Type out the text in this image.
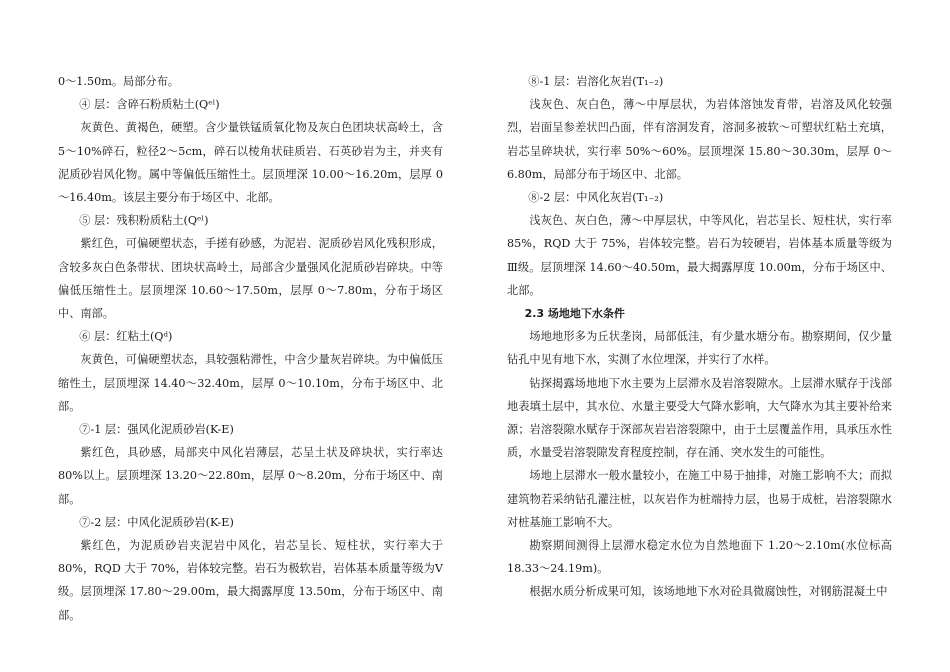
0～1.50m。局部分布。

④ 层：含碎石粉质粘土(Qᵉˡ)

灰黄色、黄褐色，硬塑。含少量铁锰质氧化物及灰白色团块状高岭土，含5～10%碎石，粒径2～5cm，碎石以棱角状硅质岩、石英砂岩为主，并夹有泥质砂岩风化物。属中等偏低压缩性土。层顶埋深 10.00～16.20m，层厚 0～16.40m。该层主要分布于场区中、北部。

⑤ 层：残积粉质粘土(Qᵉˡ)

紫红色，可偏硬塑状态，手搓有砂感，为泥岩、泥质砂岩风化残积形成，含较多灰白色条带状、团块状高岭土，局部含少量强风化泥质砂岩碎块。中等偏低压缩性土。层顶埋深 10.60～17.50m，层厚 0～7.80m，分布于场区中、南部。

⑥ 层：红粘土(Qᵈ)

灰黄色，可偏硬塑状态，具较强粘滞性，中含少量灰岩碎块。为中偏低压缩性土，层顶埋深 14.40～32.40m，层厚 0～10.10m，分布于场区中、北部。

⑦-1 层：强风化泥质砂岩(K-E)

紫红色，具砂感，局部夹中风化岩薄层，芯呈土状及碎块状，实行率达80%以上。层顶埋深 13.20～22.80m，层厚 0～8.20m，分布于场区中、南部。

⑦-2 层：中风化泥质砂岩(K-E)

紫红色，为泥质砂岩夹泥岩中风化，岩芯呈长、短柱状，实行率大于80%，RQD 大于 70%，岩体较完整。岩石为极软岩，岩体基本质量等级为Ⅴ级。层顶埋深 17.80～29.00m，最大揭露厚度 13.50m，分布于场区中、南部。

⑧-1 层：岩溶化灰岩(T₁₋₂)

浅灰色、灰白色，薄～中厚层状，为岩体溶蚀发育带，岩溶及风化较强烈，岩面呈参差状凹凸面，伴有溶洞发育，溶洞多被软～可塑状红粘土充填，岩芯呈碎块状，实行率 50%～60%。层顶埋深 15.80～30.30m，层厚 0～6.80m，局部分布于场区中、北部。

⑧-2 层：中风化灰岩(T₁₋₂)

浅灰色、灰白色，薄～中厚层状，中等风化，岩芯呈长、短柱状，实行率85%，RQD 大于 75%，岩体较完整。岩石为较硬岩，岩体基本质量等级为Ⅲ级。层顶埋深 14.60～40.50m，最大揭露厚度 10.00m，分布于场区中、北部。

2.3 场地地下水条件

场地地形多为丘状垄岗，局部低洼，有少量水塘分布。勘察期间，仅少量钻孔中见有地下水，实测了水位埋深，并实行了水样。

钻探揭露场地地下水主要为上层滞水及岩溶裂隙水。上层滞水赋存于浅部地表填土层中，其水位、水量主要受大气降水影响，大气降水为其主要补给来源；岩溶裂隙水赋存于深部灰岩岩溶裂隙中，由于土层覆盖作用，具承压水性质，水量受岩溶裂隙发育程度控制，存在涌、突水发生的可能性。

场地上层滞水一般水量较小，在施工中易于抽排，对施工影响不大；而拟建筑物若采纳钻孔灌注桩，以灰岩作为桩端持力层，也易于成桩，岩溶裂隙水对桩基施工影响不大。

勘察期间测得上层滞水稳定水位为自然地面下 1.20～2.10m(水位标高18.33～24.19m)。

根据水质分析成果可知，该场地地下水对砼具微腐蚀性，对钢筋混凝土中
